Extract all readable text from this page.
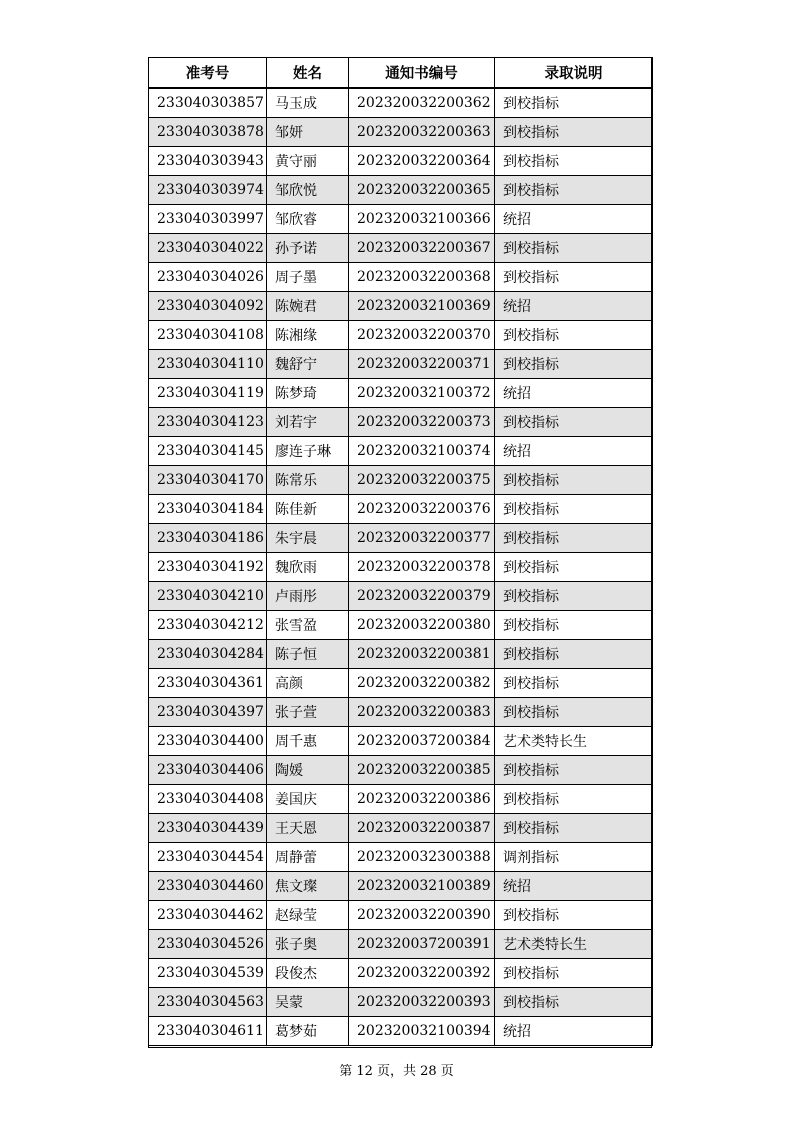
准考号	姓名	通知书编号	录取说明
233040303857	马玉成	202320032200362	到校指标
233040303878	邹妍	202320032200363	到校指标
233040303943	黄守丽	202320032200364	到校指标
233040303974	邹欣悦	202320032200365	到校指标
233040303997	邹欣睿	202320032100366	统招
233040304022	孙予诺	202320032200367	到校指标
233040304026	周子墨	202320032200368	到校指标
233040304092	陈婉君	202320032100369	统招
233040304108	陈湘缘	202320032200370	到校指标
233040304110	魏舒宁	202320032200371	到校指标
233040304119	陈梦琦	202320032100372	统招
233040304123	刘若宇	202320032200373	到校指标
233040304145	廖连子琳	202320032100374	统招
233040304170	陈常乐	202320032200375	到校指标
233040304184	陈佳新	202320032200376	到校指标
233040304186	朱宇晨	202320032200377	到校指标
233040304192	魏欣雨	202320032200378	到校指标
233040304210	卢雨彤	202320032200379	到校指标
233040304212	张雪盈	202320032200380	到校指标
233040304284	陈子恒	202320032200381	到校指标
233040304361	高颜	202320032200382	到校指标
233040304397	张子萱	202320032200383	到校指标
233040304400	周千惠	202320037200384	艺术类特长生
233040304406	陶媛	202320032200385	到校指标
233040304408	姜国庆	202320032200386	到校指标
233040304439	王天恩	202320032200387	到校指标
233040304454	周静蕾	202320032300388	调剂指标
233040304460	焦文璨	202320032100389	统招
233040304462	赵绿莹	202320032200390	到校指标
233040304526	张子奥	202320037200391	艺术类特长生
233040304539	段俊杰	202320032200392	到校指标
233040304563	吴蒙	202320032200393	到校指标
233040304611	葛梦茹	202320032100394	统招
第 12 页，共 28 页
